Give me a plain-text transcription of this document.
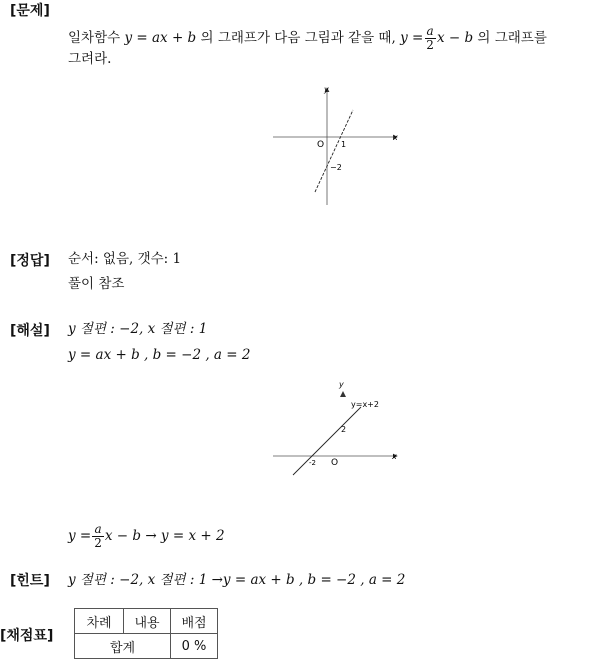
[문제]
일차함수 y = ax + b 의 그래프가 다음 그림과 같을 때, $y = \frac{a}{2}$ x − b 의 그래프를
그려라.
y
x
O 1
−2
[정답] 순서: 없음, 갯수: 1
풀이 참조
[해설] y 절편 : −2, x 절편 : 1
y = ax + b , b = −2 , a = 2
y
x
O
y=x+2
2
-2
$y = \frac{a}{2}$ x − b → y = x + 2
[힌트] y 절편 : −2, x 절편 : 1 →y = ax + b , b = −2 , a = 2
[채점표]
차례	내용	배점
합계		0 %
